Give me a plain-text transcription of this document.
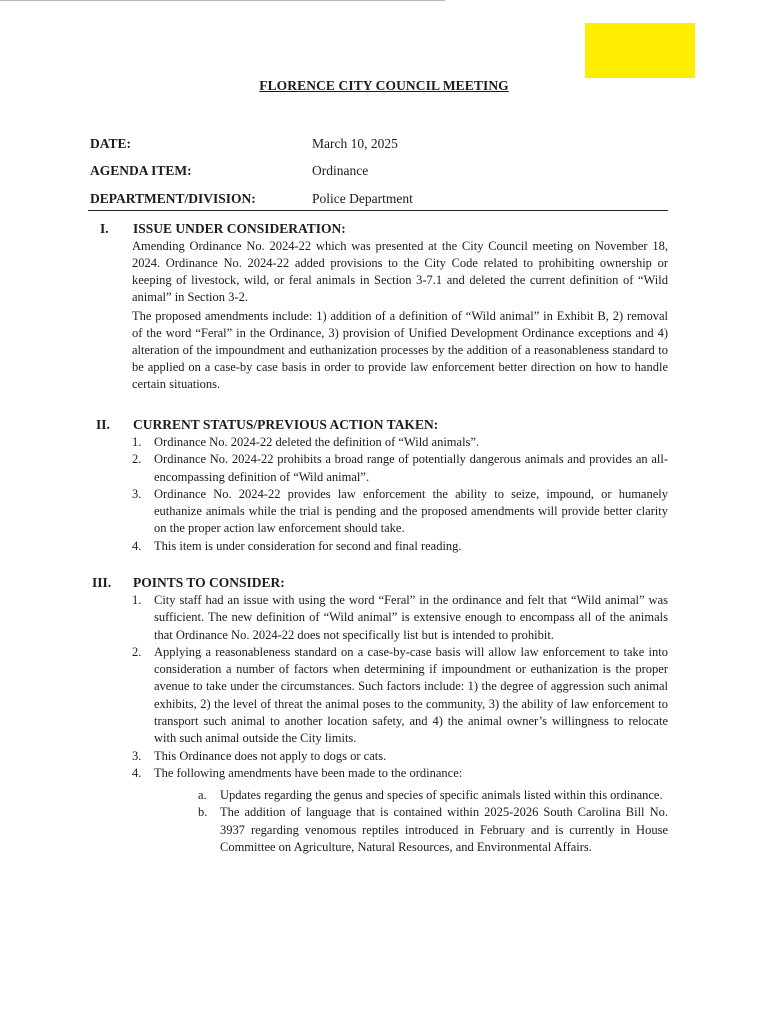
FLORENCE CITY COUNCIL MEETING
DATE:	March 10, 2025
AGENDA ITEM:	Ordinance
DEPARTMENT/DIVISION:	Police Department
I. ISSUE UNDER CONSIDERATION:
Amending Ordinance No. 2024-22 which was presented at the City Council meeting on November 18, 2024. Ordinance No. 2024-22 added provisions to the City Code related to prohibiting ownership or keeping of livestock, wild, or feral animals in Section 3-7.1 and deleted the current definition of “Wild animal” in Section 3-2.
The proposed amendments include: 1) addition of a definition of “Wild animal” in Exhibit B, 2) removal of the word “Feral” in the Ordinance, 3) provision of Unified Development Ordinance exceptions and 4) alteration of the impoundment and euthanization processes by the addition of a reasonableness standard to be applied on a case-by case basis in order to provide law enforcement better direction on how to handle certain situations.
II. CURRENT STATUS/PREVIOUS ACTION TAKEN:
1. Ordinance No. 2024-22 deleted the definition of “Wild animals”.
2. Ordinance No. 2024-22 prohibits a broad range of potentially dangerous animals and provides an all-encompassing definition of “Wild animal”.
3. Ordinance No. 2024-22 provides law enforcement the ability to seize, impound, or humanely euthanize animals while the trial is pending and the proposed amendments will provide better clarity on the proper action law enforcement should take.
4. This item is under consideration for second and final reading.
III. POINTS TO CONSIDER:
1. City staff had an issue with using the word “Feral” in the ordinance and felt that “Wild animal” was sufficient. The new definition of “Wild animal” is extensive enough to encompass all of the animals that Ordinance No. 2024-22 does not specifically list but is intended to prohibit.
2. Applying a reasonableness standard on a case-by-case basis will allow law enforcement to take into consideration a number of factors when determining if impoundment or euthanization is the proper avenue to take under the circumstances. Such factors include: 1) the degree of aggression such animal exhibits, 2) the level of threat the animal poses to the community, 3) the ability of law enforcement to transport such animal to another location safety, and 4) the animal owner’s willingness to relocate with such animal outside the City limits.
3. This Ordinance does not apply to dogs or cats.
4. The following amendments have been made to the ordinance:
a. Updates regarding the genus and species of specific animals listed within this ordinance.
b. The addition of language that is contained within 2025-2026 South Carolina Bill No. 3937 regarding venomous reptiles introduced in February and is currently in House Committee on Agriculture, Natural Resources, and Environmental Affairs.
